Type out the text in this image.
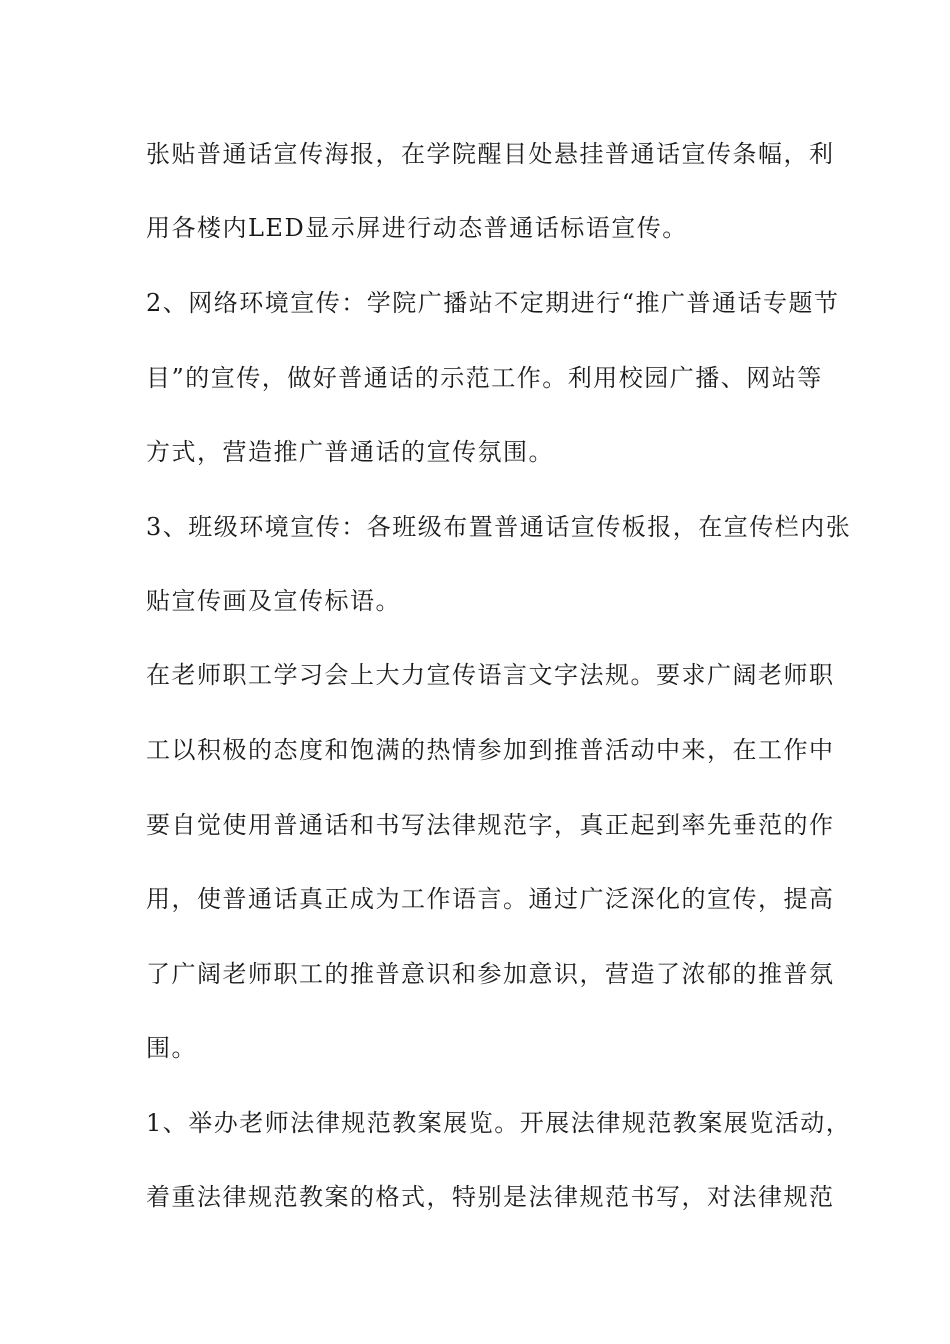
张贴普通话宣传海报，在学院醒目处悬挂普通话宣传条幅，利
用各楼内LED显示屏进行动态普通话标语宣传。
2、网络环境宣传：学院广播站不定期进行“推广普通话专题节
目”的宣传，做好普通话的示范工作。利用校园广播、网站等
方式，营造推广普通话的宣传氛围。
3、班级环境宣传：各班级布置普通话宣传板报，在宣传栏内张
贴宣传画及宣传标语。
在老师职工学习会上大力宣传语言文字法规。要求广阔老师职
工以积极的态度和饱满的热情参加到推普活动中来，在工作中
要自觉使用普通话和书写法律规范字，真正起到率先垂范的作
用，使普通话真正成为工作语言。通过广泛深化的宣传，提高
了广阔老师职工的推普意识和参加意识，营造了浓郁的推普氛
围。
1、举办老师法律规范教案展览。开展法律规范教案展览活动，
着重法律规范教案的格式，特别是法律规范书写，对法律规范
